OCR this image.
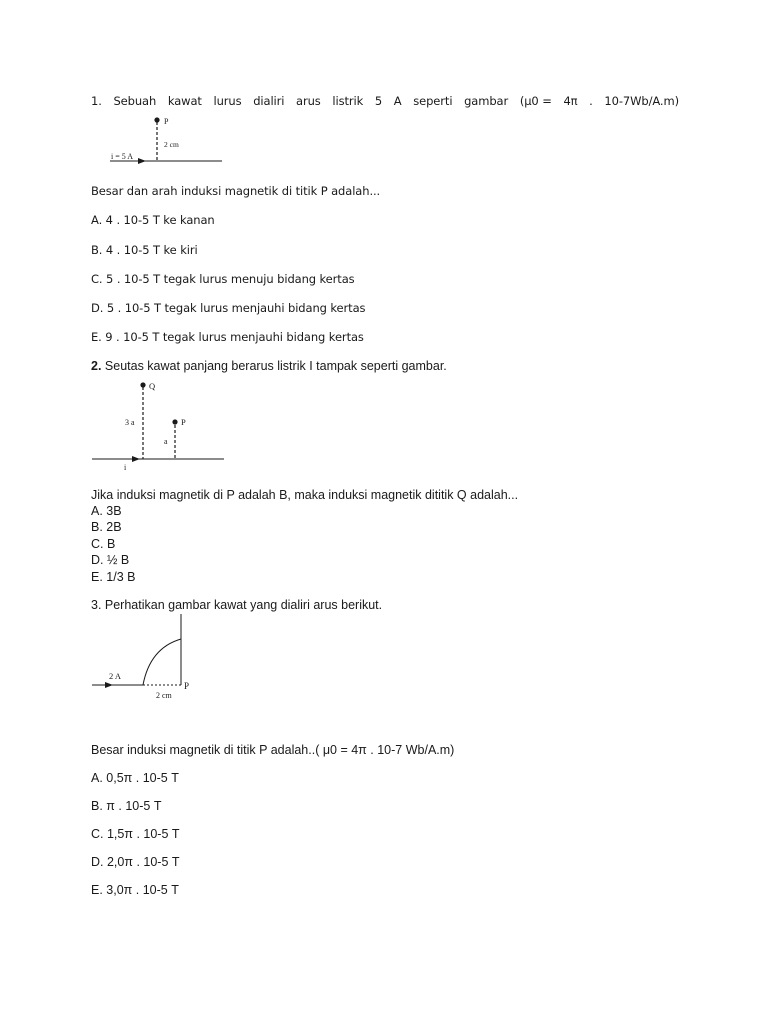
1. Sebuah kawat lurus dialiri arus listrik 5 A seperti gambar (μ0 = 4π . 10-7Wb/A.m)
P
2 cm
i = 5 A
Besar dan arah induksi magnetik di titik P adalah...
A. 4 . 10-5 T ke kanan
B. 4 . 10-5 T ke kiri
C. 5 . 10-5 T tegak lurus menuju bidang kertas
D. 5 . 10-5 T tegak lurus menjauhi bidang kertas
E. 9 . 10-5 T tegak lurus menjauhi bidang kertas
2. Seutas kawat panjang berarus listrik I tampak seperti gambar.
Q
P
3 a
a
i
Jika induksi magnetik di P adalah B, maka induksi magnetik dititik Q adalah...
A. 3B
B. 2B
C. B
D. ½ B
E. 1/3 B
3. Perhatikan gambar kawat yang dialiri arus berikut.
2 A
P
2 cm
Besar induksi magnetik di titik P adalah..( μ0 = 4π . 10-7 Wb/A.m)
A. 0,5π . 10-5 T
B. π . 10-5 T
C. 1,5π . 10-5 T
D. 2,0π . 10-5 T
E. 3,0π . 10-5 T
